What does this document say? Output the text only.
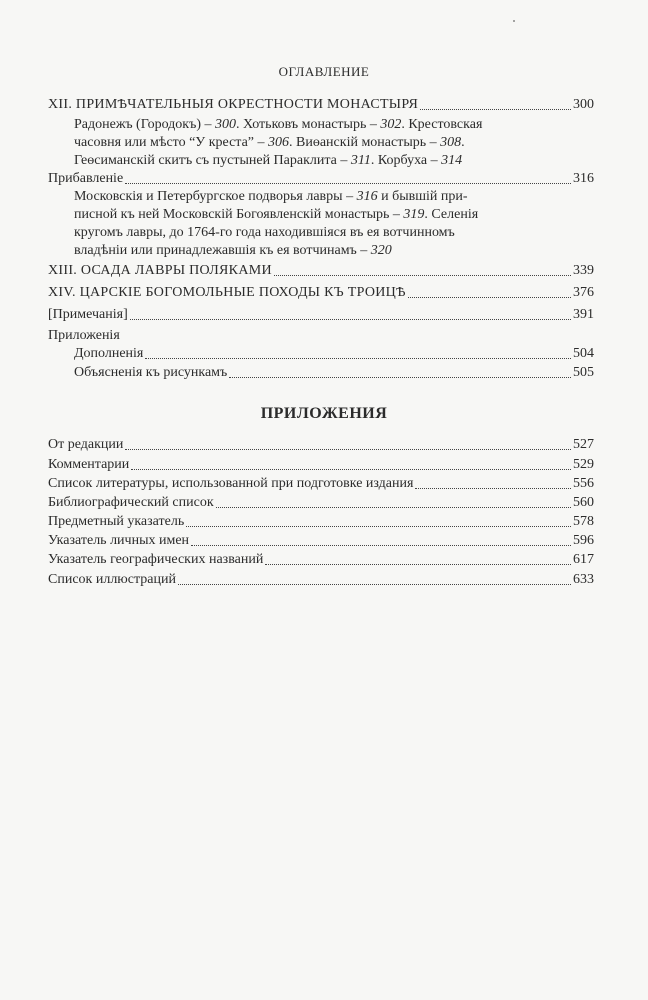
ОГЛАВЛЕНИЕ
XII. ПРИМѢЧАТЕЛЬНЫЯ ОКРЕСТНОСТИ МОНАСТЫРЯ	300
Радонежъ (Городокъ) – 300. Хотьковъ монастырь – 302. Крестовская
часовня или мѣсто “У креста” – 306. Виѳанскій монастырь – 308.
Геѳсиманскій скитъ съ пустыней Параклита – 311. Корбуха – 314
Прибавленіе	316
Московскія и Петербургское подворья лавры – 316 и бывшій при-
писной къ ней Московскій Богоявленскій монастырь – 319. Селенія
кругомъ лавры, до 1764-го года находившіяся въ ея вотчинномъ
владѣніи или принадлежавшія къ ея вотчинамъ – 320
XIII. ОСАДА ЛАВРЫ ПОЛЯКАМИ	339
XIV. ЦАРСКІЕ БОГОМОЛЬНЫЕ ПОХОДЫ КЪ ТРОИЦѢ	376
[Примечанія]	391
Приложенія
Дополненія	504
Объясненія къ рисункамъ	505
ПРИЛОЖЕНИЯ
От редакции	527
Комментарии	529
Список литературы, использованной при подготовке издания	556
Библиографический список	560
Предметный указатель	578
Указатель личных имен	596
Указатель географических названий	617
Список иллюстраций	633
